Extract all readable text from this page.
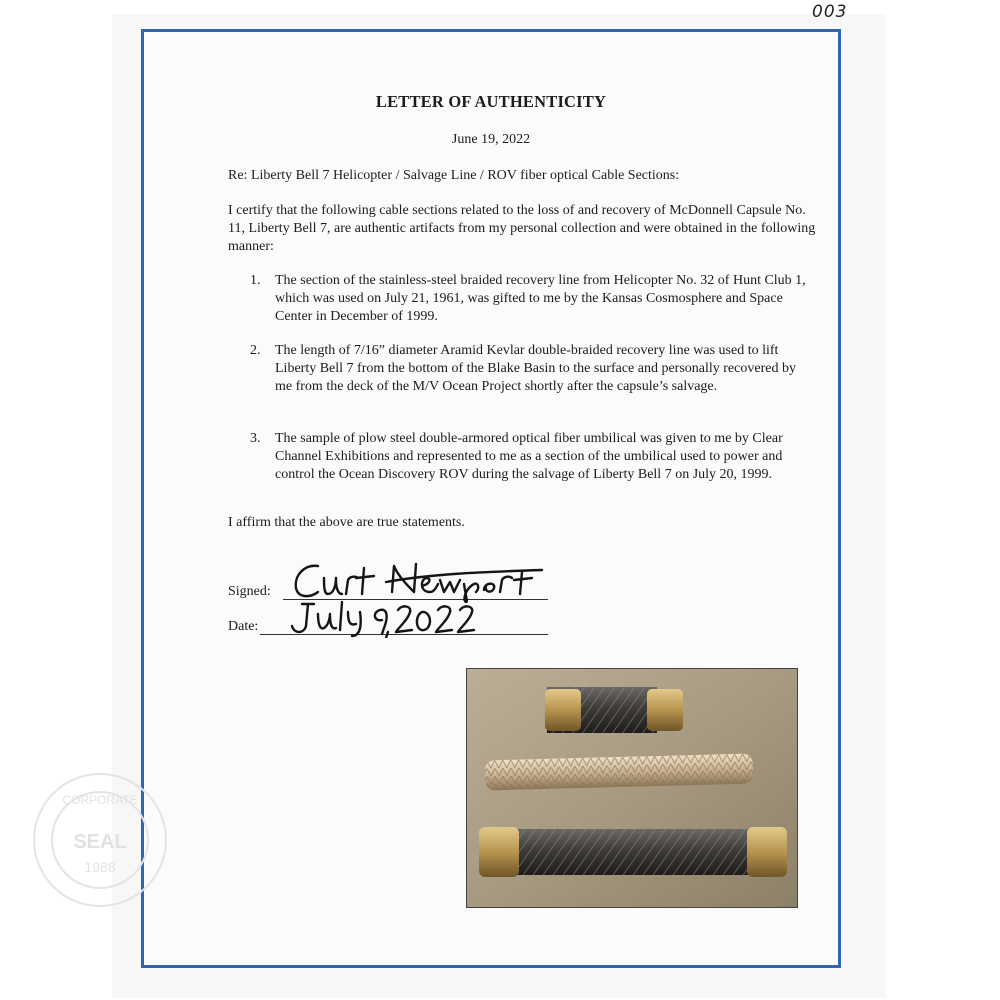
003
LETTER OF AUTHENTICITY
June 19, 2022

Re: Liberty Bell 7 Helicopter / Salvage Line / ROV fiber optical Cable Sections:

I certify that the following cable sections related to the loss of and recovery of McDonnell Capsule No. 11, Liberty Bell 7, are authentic artifacts from my personal collection and were obtained in the following manner:

1. The section of the stainless-steel braided recovery line from Helicopter No. 32 of Hunt Club 1, which was used on July 21, 1961, was gifted to me by the Kansas Cosmosphere and Space Center in December of 1999.
2. The length of 7/16” diameter Aramid Kevlar double-braided recovery line was used to lift Liberty Bell 7 from the bottom of the Blake Basin to the surface and personally recovered by me from the deck of the M/V Ocean Project shortly after the capsule’s salvage.
3. The sample of plow steel double-armored optical fiber umbilical was given to me by Clear Channel Exhibitions and represented to me as a section of the umbilical used to power and control the Ocean Discovery ROV during the salvage of Liberty Bell 7 on July 20, 1999.

I affirm that the above are true statements.

Signed:
Date:
CORPORATE
SEAL
1988
